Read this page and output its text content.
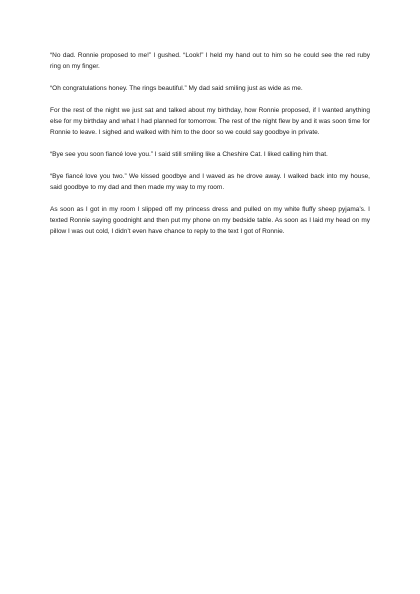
“No dad. Ronnie proposed to me!” I gushed. “Look!” I held my hand out to him so he could see the red ruby ring on my finger.

“Oh congratulations honey. The rings beautiful.” My dad said smiling just as wide as me.

For the rest of the night we just sat and talked about my birthday, how Ronnie proposed, if I wanted anything else for my birthday and what I had planned for tomorrow. The rest of the night flew by and it was soon time for Ronnie to leave. I sighed and walked with him to the door so we could say goodbye in private.

“Bye see you soon fiancé love you.” I said still smiling like a Cheshire Cat. I liked calling him that.

“Bye fiancé love you two.” We kissed goodbye and I waved as he drove away. I walked back into my house, said goodbye to my dad and then made my way to my room.

As soon as I got in my room I slipped off my princess dress and pulled on my white fluffy sheep pyjama’s. I texted Ronnie saying goodnight and then put my phone on my bedside table. As soon as I laid my head on my pillow I was out cold, I didn’t even have chance to reply to the text I got of Ronnie.
